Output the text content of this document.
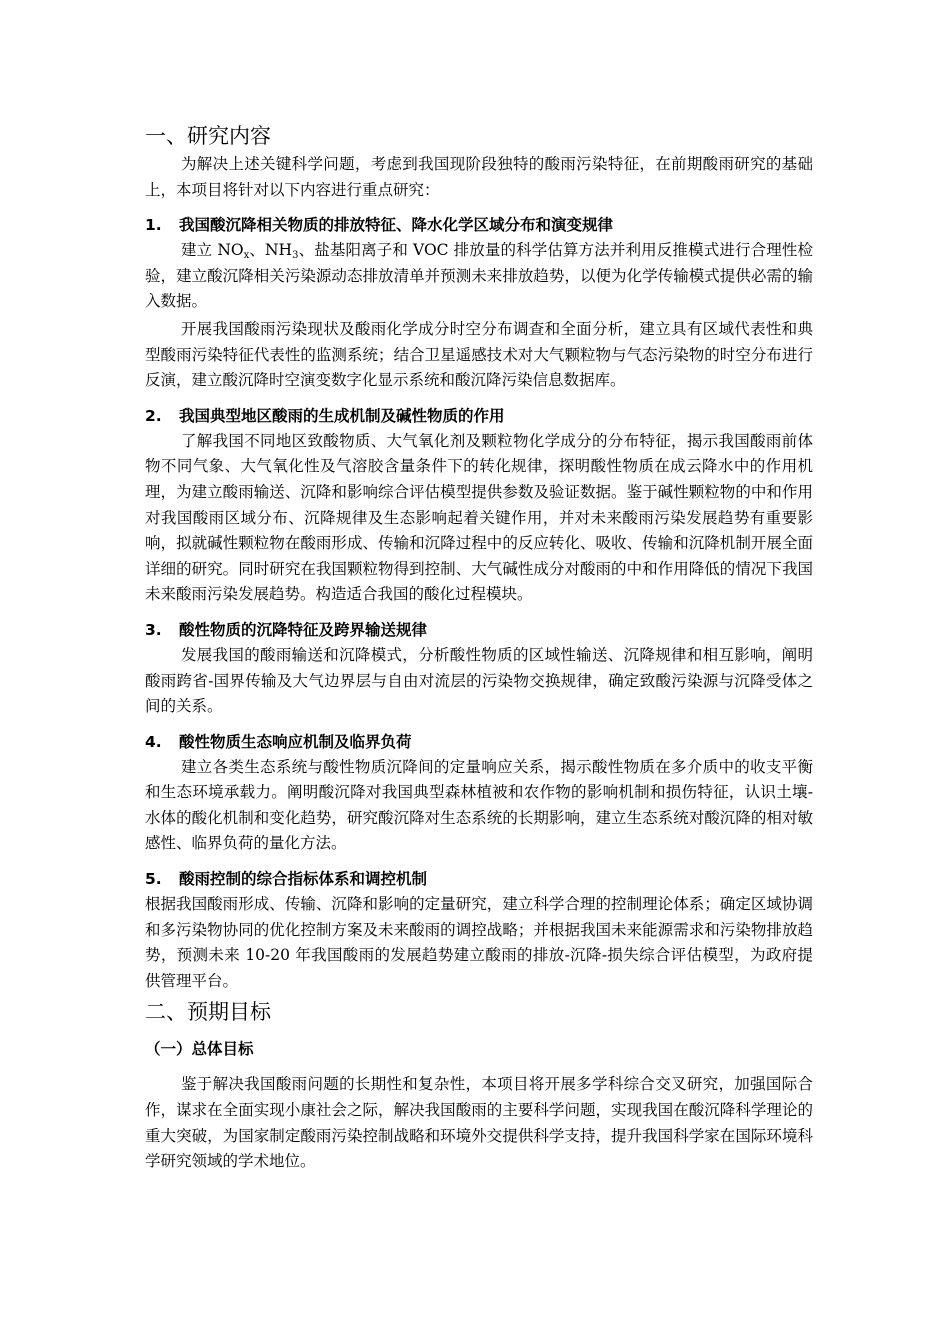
一、研究内容

为解决上述关键科学问题，考虑到我国现阶段独特的酸雨污染特征，在前期酸雨研究的基础上，本项目将针对以下内容进行重点研究：

1. 我国酸沉降相关物质的排放特征、降水化学区域分布和演变规律

建立 $NO_x$、$NH_3$、盐基阳离子和 VOC 排放量的科学估算方法并利用反推模式进行合理性检验，建立酸沉降相关污染源动态排放清单并预测未来排放趋势，以便为化学传输模式提供必需的输入数据。

开展我国酸雨污染现状及酸雨化学成分时空分布调查和全面分析，建立具有区域代表性和典型酸雨污染特征代表性的监测系统；结合卫星遥感技术对大气颗粒物与气态污染物的时空分布进行反演，建立酸沉降时空演变数字化显示系统和酸沉降污染信息数据库。

2. 我国典型地区酸雨的生成机制及碱性物质的作用

了解我国不同地区致酸物质、大气氧化剂及颗粒物化学成分的分布特征，揭示我国酸雨前体物不同气象、大气氧化性及气溶胶含量条件下的转化规律，探明酸性物质在成云降水中的作用机理，为建立酸雨输送、沉降和影响综合评估模型提供参数及验证数据。鉴于碱性颗粒物的中和作用对我国酸雨区域分布、沉降规律及生态影响起着关键作用，并对未来酸雨污染发展趋势有重要影响，拟就碱性颗粒物在酸雨形成、传输和沉降过程中的反应转化、吸收、传输和沉降机制开展全面详细的研究。同时研究在我国颗粒物得到控制、大气碱性成分对酸雨的中和作用降低的情况下我国未来酸雨污染发展趋势。构造适合我国的酸化过程模块。

3. 酸性物质的沉降特征及跨界输送规律

发展我国的酸雨输送和沉降模式，分析酸性物质的区域性输送、沉降规律和相互影响，阐明酸雨跨省-国界传输及大气边界层与自由对流层的污染物交换规律，确定致酸污染源与沉降受体之间的关系。

4. 酸性物质生态响应机制及临界负荷

建立各类生态系统与酸性物质沉降间的定量响应关系，揭示酸性物质在多介质中的收支平衡和生态环境承载力。阐明酸沉降对我国典型森林植被和农作物的影响机制和损伤特征，认识土壤-水体的酸化机制和变化趋势，研究酸沉降对生态系统的长期影响，建立生态系统对酸沉降的相对敏感性、临界负荷的量化方法。

5. 酸雨控制的综合指标体系和调控机制

根据我国酸雨形成、传输、沉降和影响的定量研究，建立科学合理的控制理论体系；确定区域协调和多污染物协同的优化控制方案及未来酸雨的调控战略；并根据我国未来能源需求和污染物排放趋势，预测未来 10-20 年我国酸雨的发展趋势建立酸雨的排放-沉降-损失综合评估模型，为政府提供管理平台。

二、预期目标
（一）总体目标

鉴于解决我国酸雨问题的长期性和复杂性，本项目将开展多学科综合交叉研究，加强国际合作，谋求在全面实现小康社会之际，解决我国酸雨的主要科学问题，实现我国在酸沉降科学理论的重大突破，为国家制定酸雨污染控制战略和环境外交提供科学支持，提升我国科学家在国际环境科学研究领域的学术地位。
